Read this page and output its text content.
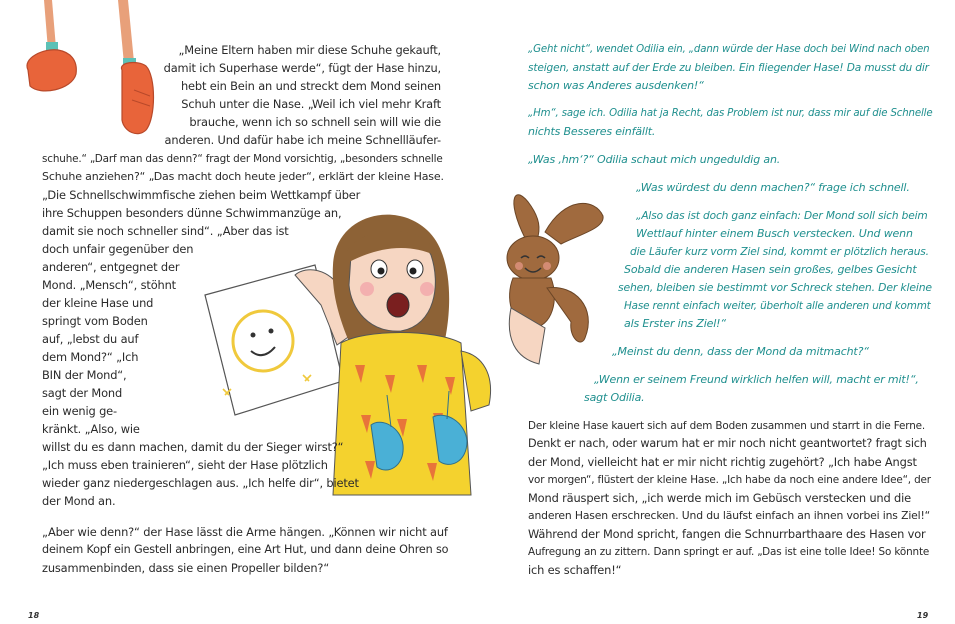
„Meine Eltern haben mir diese Schuhe gekauft,

damit ich Superhase werde“, fügt der Hase hinzu,

hebt ein Bein an und streckt dem Mond seinen

Schuh unter die Nase. „Weil ich viel mehr Kraft

brauche, wenn ich so schnell sein will wie die

anderen. Und dafür habe ich meine Schnellläufer-

schuhe.“ „Darf man das denn?“ fragt der Mond vorsichtig, „besonders schnelle

Schuhe anziehen?“ „Das macht doch heute jeder“, erklärt der kleine Hase.

„Die Schnellschwimmfische ziehen beim Wettkampf über

ihre Schuppen besonders dünne Schwimmanzüge an,

damit sie noch schneller sind“. „Aber das ist

doch unfair gegenüber den

anderen“, entgegnet der

Mond. „Mensch“, stöhnt

der kleine Hase und

springt vom Boden

auf, „lebst du auf

dem Mond?“ „Ich

BIN der Mond“,

sagt der Mond

ein wenig ge-

kränkt. „Also, wie

willst du es dann machen, damit du der Sieger wirst?“

„Ich muss eben trainieren“, sieht der Hase plötzlich

wieder ganz niedergeschlagen aus. „Ich helfe dir“, bietet

der Mond an.

„Aber wie denn?“ der Hase lässt die Arme hängen. „Können wir nicht auf

deinem Kopf ein Gestell anbringen, eine Art Hut, und dann deine Ohren so

zusammenbinden, dass sie einen Propeller bilden?“

18

„Geht nicht“, wendet Odilia ein, „dann würde der Hase doch bei Wind nach oben

steigen, anstatt auf der Erde zu bleiben. Ein fliegender Hase! Da musst du dir

schon was Anderes ausdenken!“

„Hm“, sage ich. Odilia hat ja Recht, das Problem ist nur, dass mir auf die Schnelle

nichts Besseres einfällt.

„Was ‚hm‘?“ Odilia schaut mich ungeduldig an.

„Was würdest du denn machen?“ frage ich schnell.

„Also das ist doch ganz einfach: Der Mond soll sich beim

Wettlauf hinter einem Busch verstecken. Und wenn

die Läufer kurz vorm Ziel sind, kommt er plötzlich heraus.

Sobald die anderen Hasen sein großes, gelbes Gesicht

sehen, bleiben sie bestimmt vor Schreck stehen. Der kleine

Hase rennt einfach weiter, überholt alle anderen und kommt

als Erster ins Ziel!“

„Meinst du denn, dass der Mond da mitmacht?“

„Wenn er seinem Freund wirklich helfen will, macht er mit!“,

sagt Odilia.

Der kleine Hase kauert sich auf dem Boden zusammen und starrt in die Ferne.

Denkt er nach, oder warum hat er mir noch nicht geantwortet? fragt sich

der Mond, vielleicht hat er mir nicht richtig zugehört? „Ich habe Angst

vor morgen“, flüstert der kleine Hase. „Ich habe da noch eine andere Idee“, der

Mond räuspert sich, „ich werde mich im Gebüsch verstecken und die

anderen Hasen erschrecken. Und du läufst einfach an ihnen vorbei ins Ziel!“

Während der Mond spricht, fangen die Schnurrbarthaare des Hasen vor

Aufregung an zu zittern. Dann springt er auf. „Das ist eine tolle Idee! So könnte

ich es schaffen!“

19
